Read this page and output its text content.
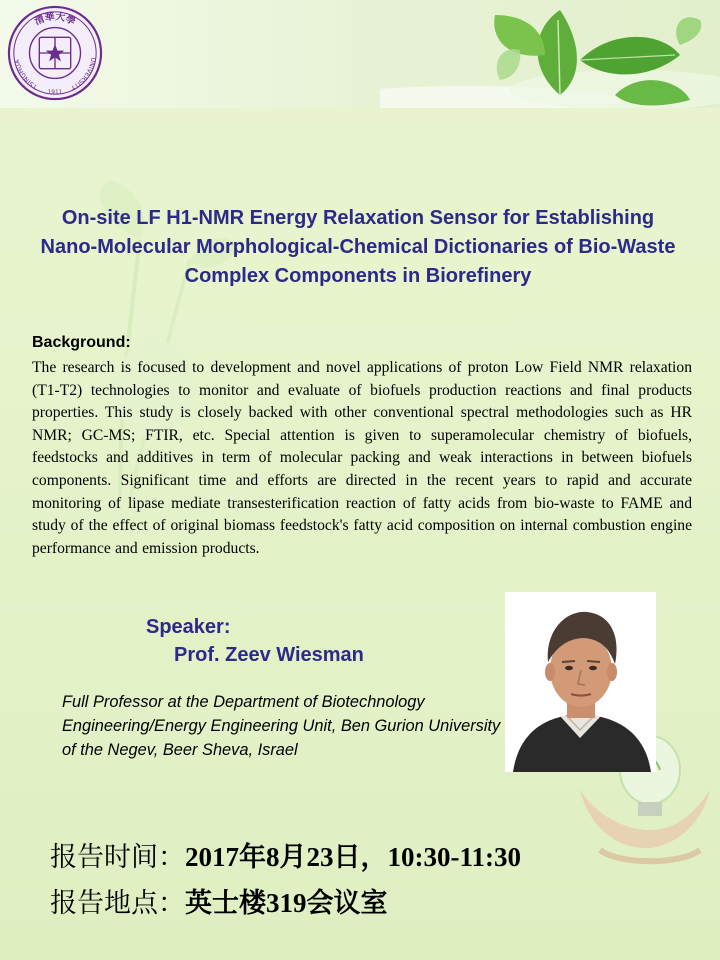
清華大學
TSINGHUA	UNIVERSITY
1911
On-site LF H1-NMR Energy Relaxation Sensor for Establishing Nano-Molecular Morphological-Chemical Dictionaries of Bio-Waste Complex Components in Biorefinery
Background:
The research is focused to development and novel applications of proton Low Field NMR relaxation (T1-T2) technologies to monitor and evaluate of biofuels production reactions and final products properties. This study is closely backed with other conventional spectral methodologies such as HR NMR; GC-MS; FTIR, etc. Special attention is given to superamolecular chemistry of biofuels, feedstocks and additives in term of molecular packing and weak interactions in between biofuels components. Significant time and efforts are directed in the recent years to rapid and accurate monitoring of lipase mediate transesterification reaction of fatty acids from bio-waste to FAME and study of the effect of original biomass feedstock's fatty acid composition on internal combustion engine performance and emission products.
Speaker:
Prof. Zeev Wiesman
Full Professor at the Department of Biotechnology Engineering/Energy Engineering Unit, Ben Gurion University of the Negev, Beer Sheva, Israel
报告时间：2017年8月23日，10:30-11:30
报告地点：英士楼319会议室
